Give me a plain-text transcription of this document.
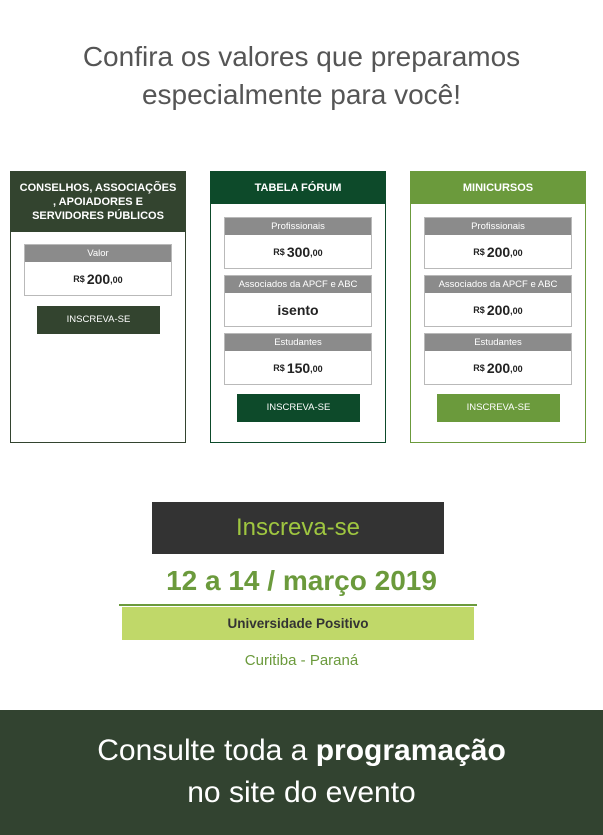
Confira os valores que preparamos
especialmente para você!
CONSELHOS, ASSOCIAÇÕES , APOIADORES E SERVIDORES PÚBLICOS
Valor
R$ 200 ,00
INSCREVA-SE
TABELA FÓRUM
Profissionais
R$ 300 ,00
Associados da APCF e ABC
isento
Estudantes
R$ 150 ,00
INSCREVA-SE
MINICURSOS
Profissionais
R$ 200 ,00
Associados da APCF e ABC
R$ 200 ,00
Estudantes
R$ 200 ,00
INSCREVA-SE
Inscreva-se
12 a 14 / março 2019
Universidade Positivo
Curitiba - Paraná
Consulte toda a programação
no site do evento
